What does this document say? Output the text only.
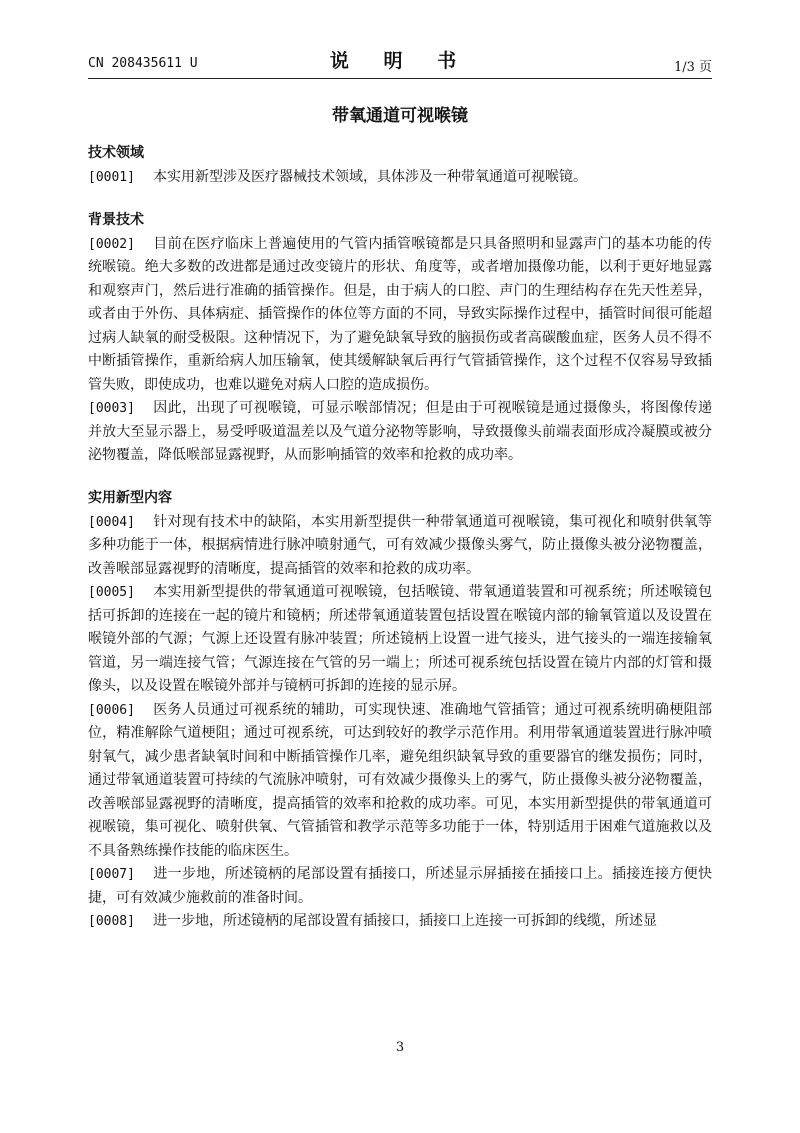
CN 208435611 U	说 明 书	1/3 页
带氧通道可视喉镜
技术领域

[0001] 本实用新型涉及医疗器械技术领域，具体涉及一种带氧通道可视喉镜。

背景技术

[0002] 目前在医疗临床上普遍使用的气管内插管喉镜都是只具备照明和显露声门的基本功能的传统喉镜。绝大多数的改进都是通过改变镜片的形状、角度等，或者增加摄像功能，以利于更好地显露和观察声门，然后进行准确的插管操作。但是，由于病人的口腔、声门的生理结构存在先天性差异，或者由于外伤、具体病症、插管操作的体位等方面的不同，导致实际操作过程中，插管时间很可能超过病人缺氧的耐受极限。这种情况下，为了避免缺氧导致的脑损伤或者高碳酸血症，医务人员不得不中断插管操作，重新给病人加压输氧，使其缓解缺氧后再行气管插管操作，这个过程不仅容易导致插管失败，即使成功，也难以避免对病人口腔的造成损伤。

[0003] 因此，出现了可视喉镜，可显示喉部情况；但是由于可视喉镜是通过摄像头，将图像传递并放大至显示器上，易受呼吸道温差以及气道分泌物等影响，导致摄像头前端表面形成冷凝膜或被分泌物覆盖，降低喉部显露视野，从而影响插管的效率和抢救的成功率。

实用新型内容

[0004] 针对现有技术中的缺陷，本实用新型提供一种带氧通道可视喉镜，集可视化和喷射供氧等多种功能于一体，根据病情进行脉冲喷射通气，可有效减少摄像头雾气，防止摄像头被分泌物覆盖，改善喉部显露视野的清晰度，提高插管的效率和抢救的成功率。

[0005] 本实用新型提供的带氧通道可视喉镜，包括喉镜、带氧通道装置和可视系统；所述喉镜包括可拆卸的连接在一起的镜片和镜柄；所述带氧通道装置包括设置在喉镜内部的输氧管道以及设置在喉镜外部的气源；气源上还设置有脉冲装置；所述镜柄上设置一进气接头，进气接头的一端连接输氧管道，另一端连接气管；气源连接在气管的另一端上；所述可视系统包括设置在镜片内部的灯管和摄像头，以及设置在喉镜外部并与镜柄可拆卸的连接的显示屏。

[0006] 医务人员通过可视系统的辅助，可实现快速、准确地气管插管；通过可视系统明确梗阻部位，精准解除气道梗阻；通过可视系统，可达到较好的教学示范作用。利用带氧通道装置进行脉冲喷射氧气，减少患者缺氧时间和中断插管操作几率，避免组织缺氧导致的重要器官的继发损伤；同时，通过带氧通道装置可持续的气流脉冲喷射，可有效减少摄像头上的雾气，防止摄像头被分泌物覆盖，改善喉部显露视野的清晰度，提高插管的效率和抢救的成功率。可见，本实用新型提供的带氧通道可视喉镜，集可视化、喷射供氧、气管插管和教学示范等多功能于一体，特别适用于困难气道施救以及不具备熟练操作技能的临床医生。

[0007] 进一步地，所述镜柄的尾部设置有插接口，所述显示屏插接在插接口上。插接连接方便快捷，可有效减少施救前的准备时间。

[0008] 进一步地，所述镜柄的尾部设置有插接口，插接口上连接一可拆卸的线缆，所述显

3
